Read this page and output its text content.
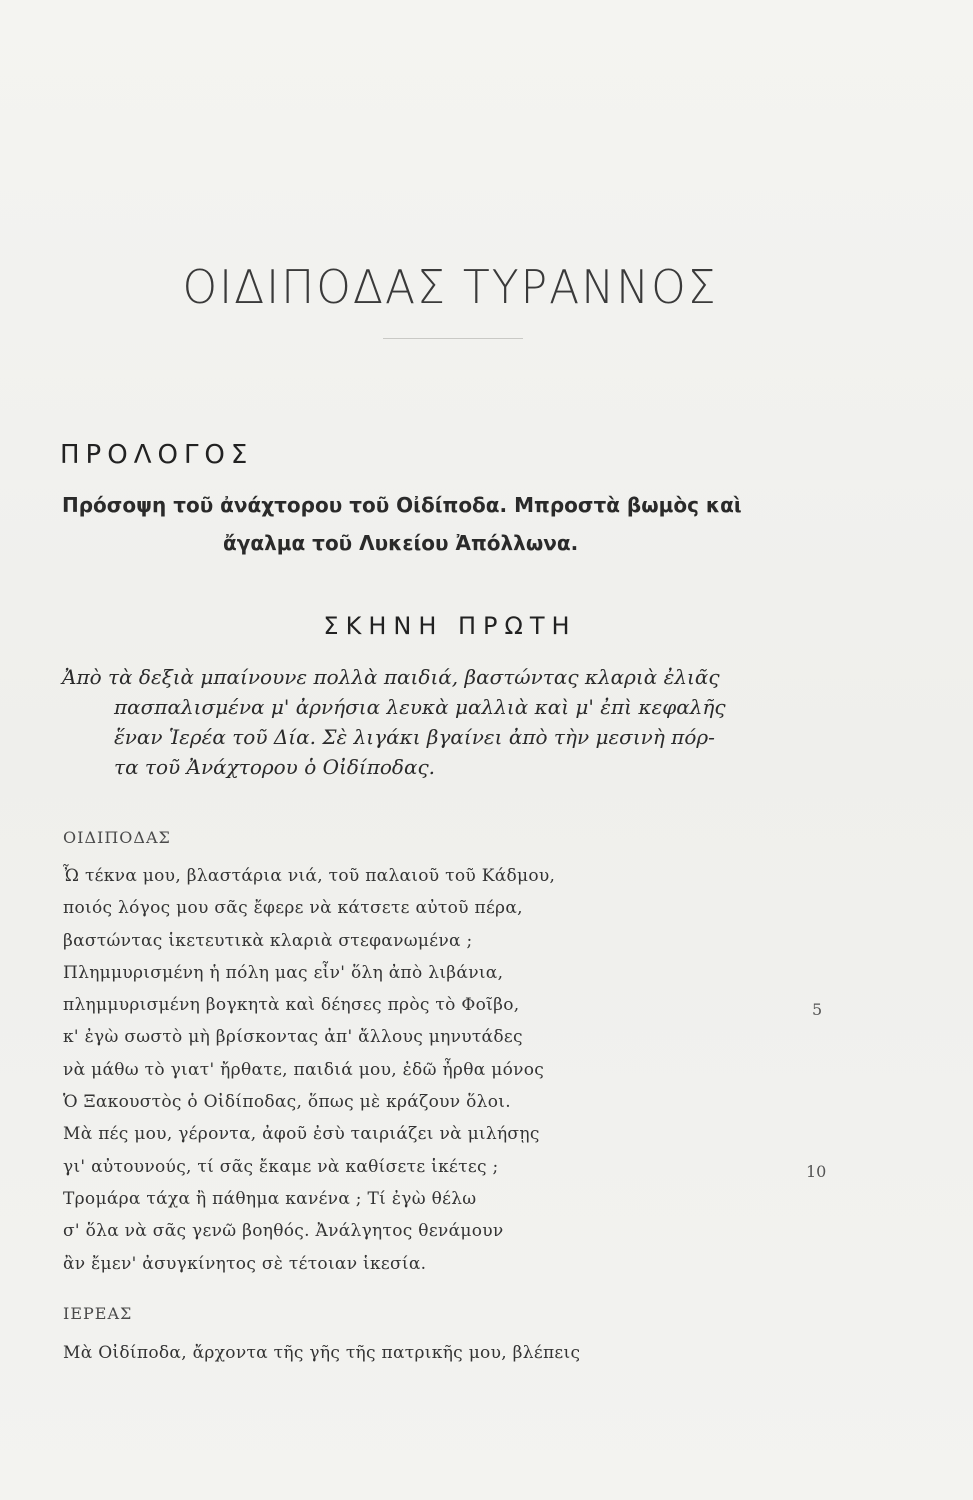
ΟΙΔΙΠΟΔΑΣ ΤΥΡΑΝΝΟΣ
ΠΡΟΛΟΓΟΣ
Πρόσοψη τοῦ ἀνάχτορου τοῦ Οἰδίποδα. Μπροστὰ βωμὸς καὶ
ἄγαλμα τοῦ Λυκείου Ἀπόλλωνα.
ΣΚΗΝΗ ΠΡΩΤΗ
Ἀπὸ τὰ δεξιὰ μπαίνουνε πολλὰ παιδιά, βαστώντας κλαριὰ ἐλιᾶς
πασπαλισμένα μ' ἀρνήσια λευκὰ μαλλιὰ καὶ μ' ἐπὶ κεφαλῆς
ἕναν Ἱερέα τοῦ Δία. Σὲ λιγάκι βγαίνει ἀπὸ τὴν μεσινὴ πόρ-
τα τοῦ Ἀνάχτορου ὁ Οἰδίποδας.
ΟΙΔΙΠΟΔΑΣ
Ὦ τέκνα μου, βλαστάρια νιά, τοῦ παλαιοῦ τοῦ Κάδμου,
ποιός λόγος μου σᾶς ἔφερε νὰ κάτσετε αὐτοῦ πέρα,
βαστώντας ἱκετευτικὰ κλαριὰ στεφανωμένα ;
Πλημμυρισμένη ἡ πόλη μας εἶν' ὅλη ἀπὸ λιβάνια,
πλημμυρισμένη βογκητὰ καὶ δέησες πρὸς τὸ Φοῖβο,
κ' ἐγὼ σωστὸ μὴ βρίσκοντας ἀπ' ἄλλους μηνυτάδες
νὰ μάθω τὸ γιατ' ἤρθατε, παιδιά μου, ἐδῶ ἦρθα μόνος
Ὁ Ξακουστὸς ὁ Οἰδίποδας, ὅπως μὲ κράζουν ὅλοι.
Μὰ πές μου, γέροντα, ἀφοῦ ἐσὺ ταιριάζει νὰ μιλήσῃς
γι' αὐτουνούς, τί σᾶς ἔκαμε νὰ καθίσετε ἱκέτες ;
Τρομάρα τάχα ἢ πάθημα κανένα ; Τί ἐγὼ θέλω
σ' ὅλα νὰ σᾶς γενῶ βοηθός. Ἀνάλγητος θενάμουν
ἂν ἔμεν' ἀσυγκίνητος σὲ τέτοιαν ἱκεσία.
5
10
ΙΕΡΕΑΣ
Μὰ Οἰδίποδα, ἄρχοντα τῆς γῆς τῆς πατρικῆς μου, βλέπεις
